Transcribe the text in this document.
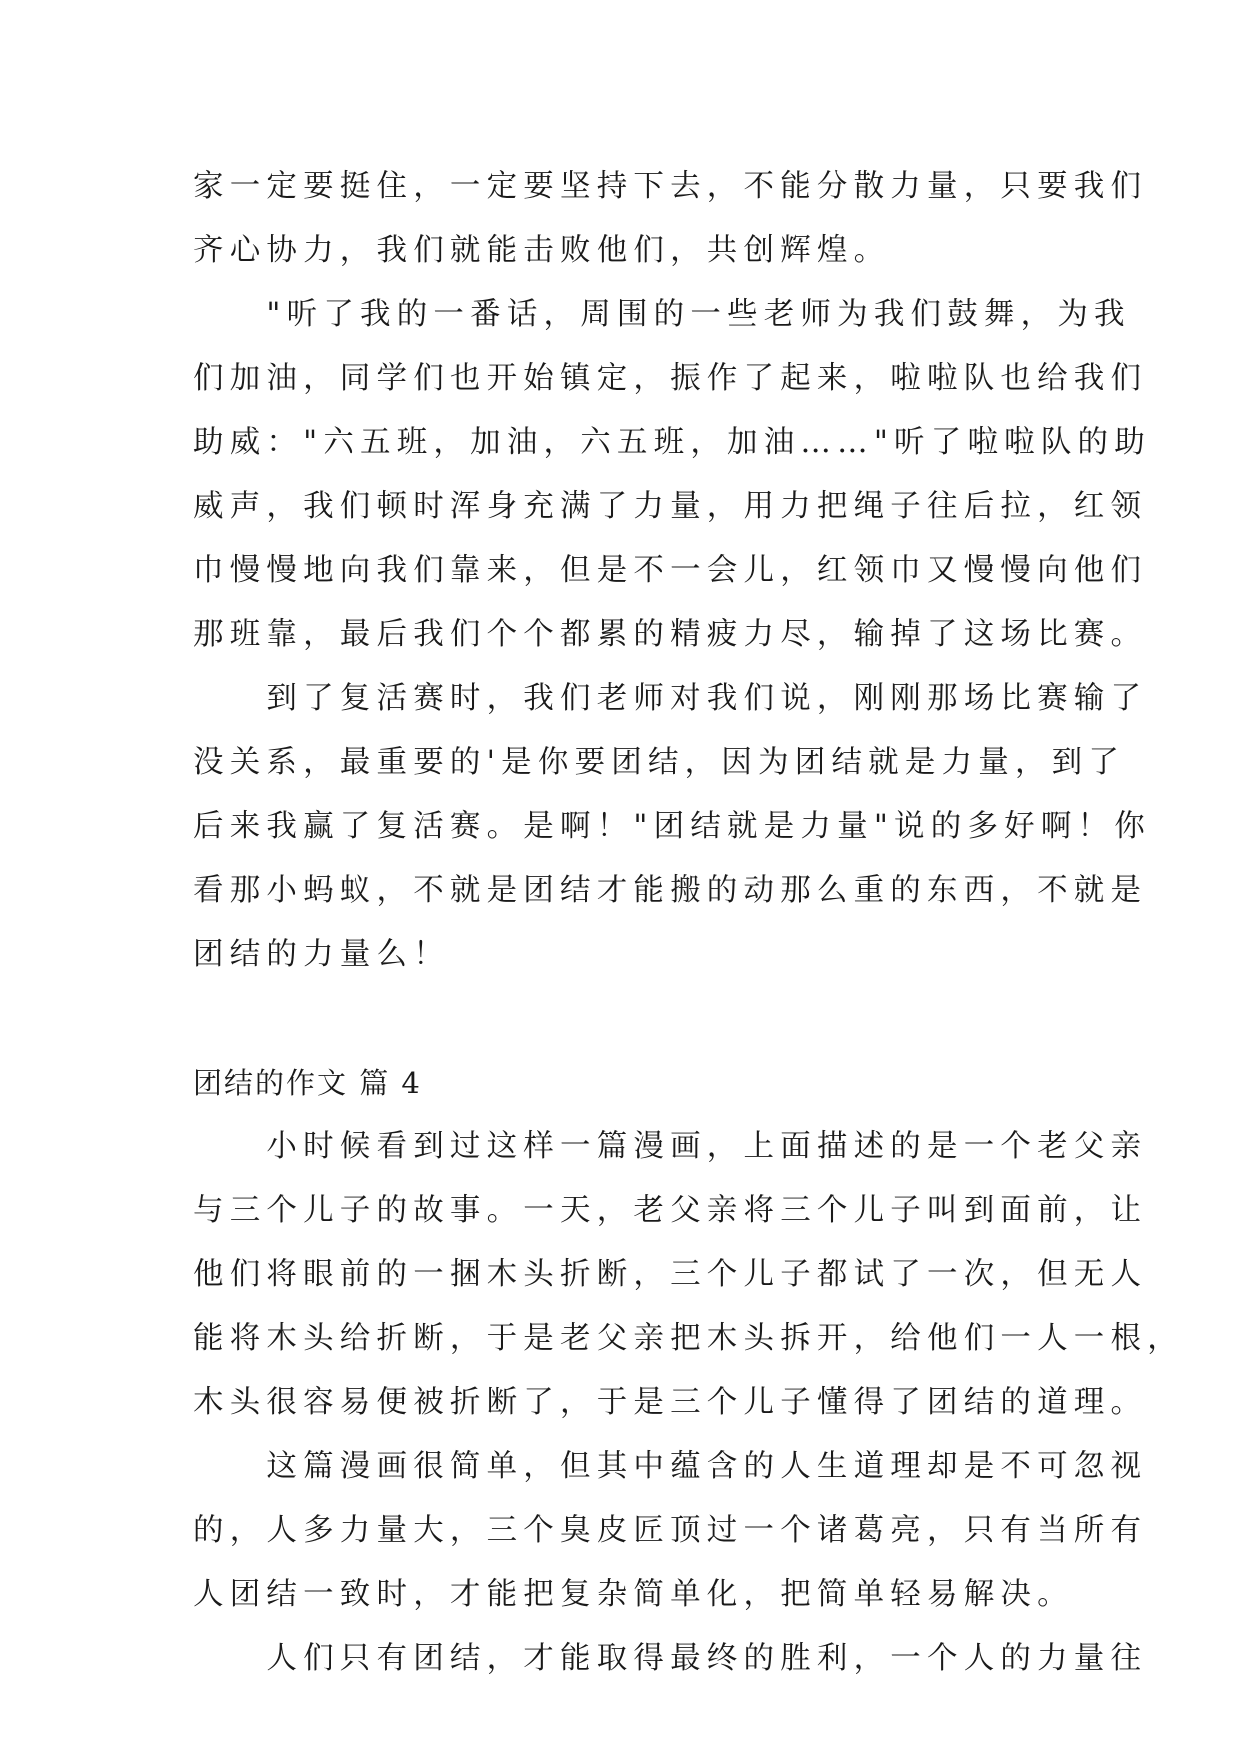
家一定要挺住，一定要坚持下去，不能分散力量，只要我们
齐心协力，我们就能击败他们，共创辉煌。
　　"听了我的一番话，周围的一些老师为我们鼓舞，为我
们加油，同学们也开始镇定，振作了起来，啦啦队也给我们
助威："六五班，加油，六五班，加油……"听了啦啦队的助
威声，我们顿时浑身充满了力量，用力把绳子往后拉，红领
巾慢慢地向我们靠来，但是不一会儿，红领巾又慢慢向他们
那班靠，最后我们个个都累的精疲力尽，输掉了这场比赛。
　　到了复活赛时，我们老师对我们说，刚刚那场比赛输了
没关系，最重要的'是你要团结，因为团结就是力量，到了
后来我赢了复活赛。是啊！"团结就是力量"说的多好啊！你
看那小蚂蚁，不就是团结才能搬的动那么重的东西，不就是
团结的力量么！
团结的作文 篇 4
　　小时候看到过这样一篇漫画，上面描述的是一个老父亲
与三个儿子的故事。一天，老父亲将三个儿子叫到面前，让
他们将眼前的一捆木头折断，三个儿子都试了一次，但无人
能将木头给折断，于是老父亲把木头拆开，给他们一人一根，
木头很容易便被折断了，于是三个儿子懂得了团结的道理。
　　这篇漫画很简单，但其中蕴含的人生道理却是不可忽视
的，人多力量大，三个臭皮匠顶过一个诸葛亮，只有当所有
人团结一致时，才能把复杂简单化，把简单轻易解决。
　　人们只有团结，才能取得最终的胜利，一个人的力量往
